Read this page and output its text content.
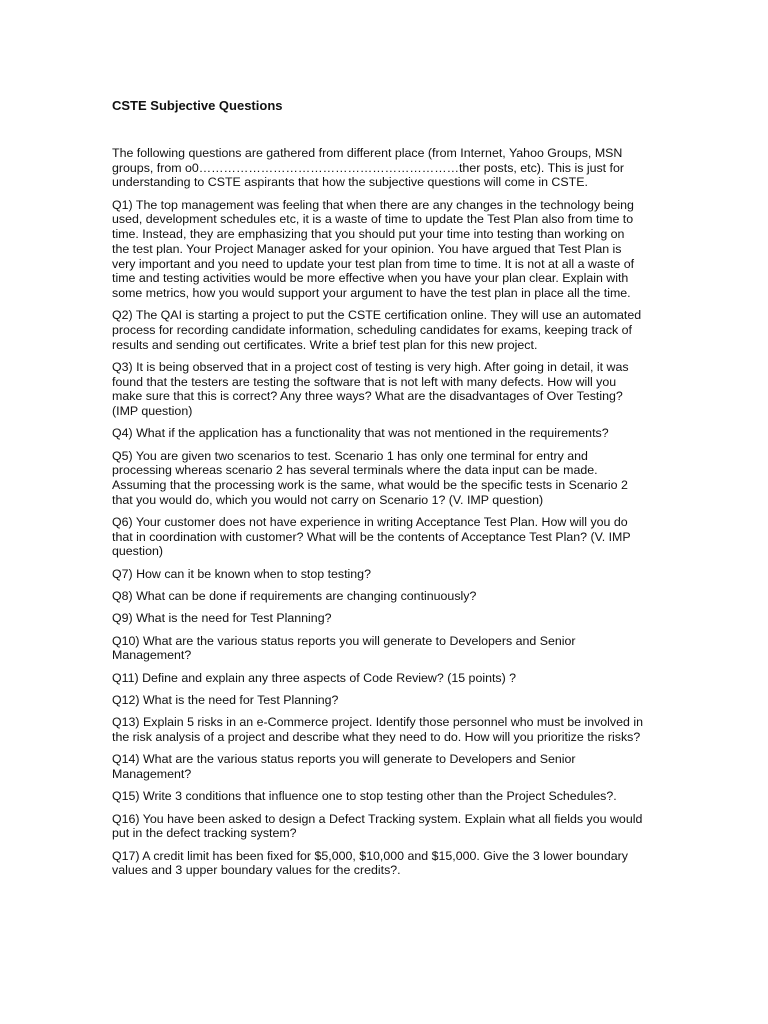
CSTE Subjective Questions

The following questions are gathered from different place (from Internet, Yahoo Groups, MSN groups, from o0………………………………………………………ther posts, etc). This is just for understanding to CSTE aspirants that how the subjective questions will come in CSTE.

Q1) The top management was feeling that when there are any changes in the technology being used, development schedules etc, it is a waste of time to update the Test Plan also from time to time. Instead, they are emphasizing that you should put your time into testing than working on the test plan. Your Project Manager asked for your opinion. You have argued that Test Plan is very important and you need to update your test plan from time to time. It is not at all a waste of time and testing activities would be more effective when you have your plan clear. Explain with some metrics, how you would support your argument to have the test plan in place all the time.

Q2) The QAI is starting a project to put the CSTE certification online. They will use an automated process for recording candidate information, scheduling candidates for exams, keeping track of results and sending out certificates. Write a brief test plan for this new project.

Q3) It is being observed that in a project cost of testing is very high. After going in detail, it was found that the testers are testing the software that is not left with many defects. How will you make sure that this is correct? Any three ways? What are the disadvantages of Over Testing? (IMP question)

Q4) What if the application has a functionality that was not mentioned in the requirements?

Q5) You are given two scenarios to test. Scenario 1 has only one terminal for entry and processing whereas scenario 2 has several terminals where the data input can be made. Assuming that the processing work is the same, what would be the specific tests in Scenario 2 that you would do, which you would not carry on Scenario 1? (V. IMP question)

Q6) Your customer does not have experience in writing Acceptance Test Plan. How will you do that in coordination with customer? What will be the contents of Acceptance Test Plan? (V. IMP question)

Q7) How can it be known when to stop testing?

Q8) What can be done if requirements are changing continuously?

Q9) What is the need for Test Planning?

Q10) What are the various status reports you will generate to Developers and Senior Management?

Q11) Define and explain any three aspects of Code Review? (15 points) ?

Q12) What is the need for Test Planning?

Q13) Explain 5 risks in an e-Commerce project. Identify those personnel who must be involved in the risk analysis of a project and describe what they need to do. How will you prioritize the risks?

Q14) What are the various status reports you will generate to Developers and Senior Management?

Q15) Write 3 conditions that influence one to stop testing other than the Project Schedules?.

Q16) You have been asked to design a Defect Tracking system. Explain what all fields you would put in the defect tracking system?

Q17) A credit limit has been fixed for $5,000, $10,000 and $15,000. Give the 3 lower boundary values and 3 upper boundary values for the credits?.
